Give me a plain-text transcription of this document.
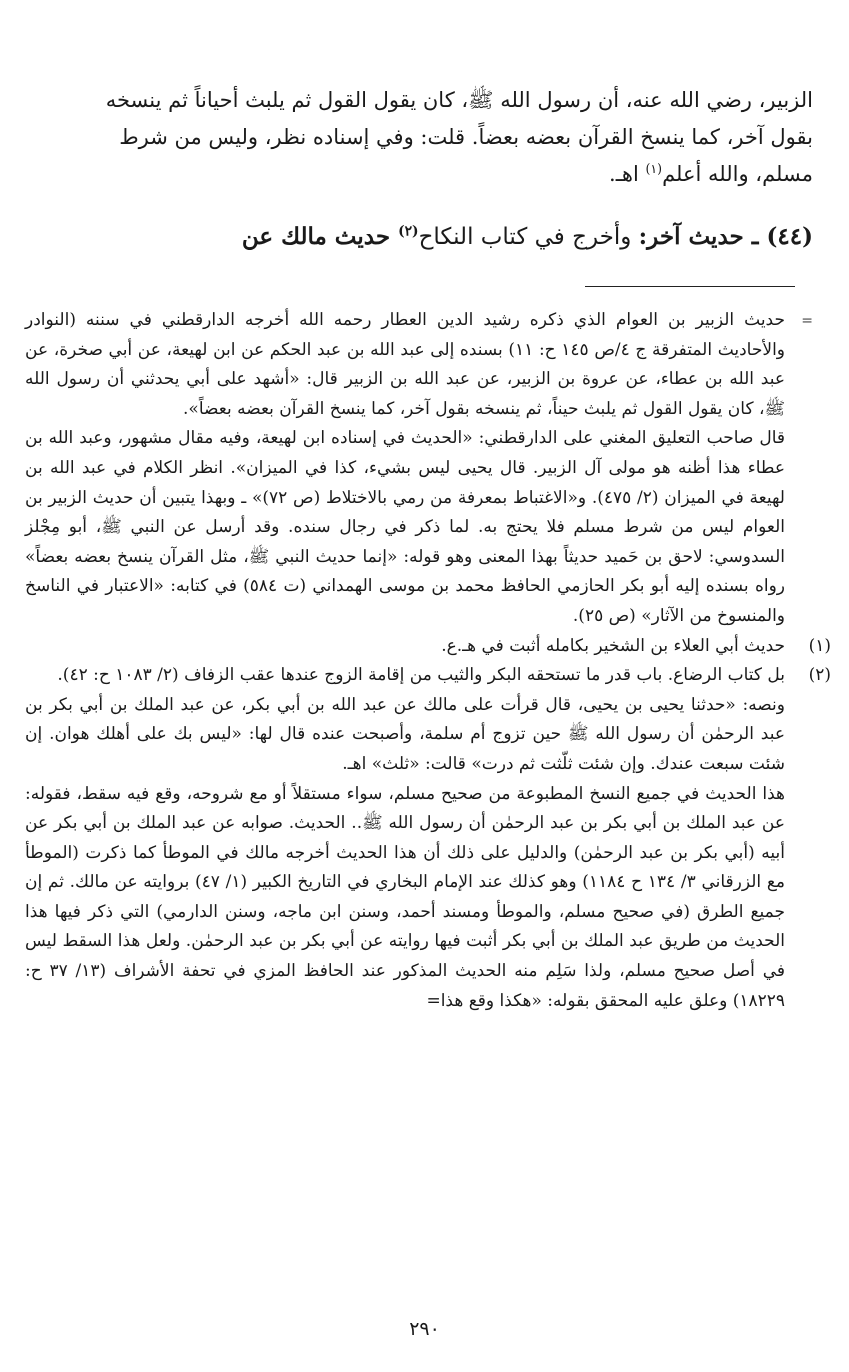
الزبير، رضي الله عنه، أن رسول الله ﷺ، كان يقول القول ثم يلبث أحياناً ثم ينسخه

بقول آخر، كما ينسخ القرآن بعضه بعضاً. قلت: وفي إسناده نظر، وليس من شرط

مسلم، والله أعلم$^{(١)}$ اهـ.

(٤٤) ـ حديث آخر: وأخرج في كتاب النكاح$^{(٢)}$ حديث مالك عن
=

حديث الزبير بن العوام الذي ذكره رشيد الدين العطار رحمه الله أخرجه الدارقطني في سننه (النوادر والأحاديث المتفرقة ج ٤/ص ١٤٥ ح: ١١) بسنده إلى عبد الله بن عبد الحكم عن ابن لهيعة، عن أبي صخرة، عن عبد الله بن عطاء، عن عروة بن الزبير، عن عبد الله بن الزبير قال: «أشهد على أبي يحدثني أن رسول الله ﷺ، كان يقول القول ثم يلبث حيناً، ثم ينسخه بقول آخر، كما ينسخ القرآن بعضه بعضاً».

قال صاحب التعليق المغني على الدارقطني: «الحديث في إسناده ابن لهيعة، وفيه مقال مشهور، وعبد الله بن عطاء هذا أظنه هو مولى آل الزبير. قال يحيى ليس بشيء، كذا في الميزان». انظر الكلام في عبد الله بن لهيعة في الميزان (٢/ ٤٧٥). و«الاغتباط بمعرفة من رمي بالاختلاط (ص ٧٢)» ـ وبهذا يتبين أن حديث الزبير بن العوام ليس من شرط مسلم فلا يحتج به. لما ذكر في رجال سنده. وقد أرسل عن النبي ﷺ، أبو مِجْلز السدوسي: لاحق بن حَميد حديثاً بهذا المعنى وهو قوله: «إنما حديث النبي ﷺ، مثل القرآن ينسخ بعضه بعضاً» رواه بسنده إليه أبو بكر الحازمي الحافظ محمد بن موسى الهمداني (ت ٥٨٤) في كتابه: «الاعتبار في الناسخ والمنسوخ من الآثار» (ص ٢٥).

(١)
حديث أبي العلاء بن الشخير بكامله أثبت في هـ.ع.

(٢)
بل كتاب الرضاع. باب قدر ما تستحقه البكر والثيب من إقامة الزوج عندها عقب الزفاف (٢/ ١٠٨٣ ح: ٤٢).

ونصه: «حدثنا يحيى بن يحيى، قال قرأت على مالك عن عبد الله بن أبي بكر، عن عبد الملك بن أبي بكر بن عبد الرحمٰن أن رسول الله ﷺ حين تزوج أم سلمة، وأصبحت عنده قال لها: «ليس بك على أهلك هوان. إن شئت سبعت عندك. وإن شئت ثلّثت ثم درت» قالت: «ثلث» اهـ.

هذا الحديث في جميع النسخ المطبوعة من صحيح مسلم، سواء مستقلاً أو مع شروحه، وقع فيه سقط، فقوله: عن عبد الملك بن أبي بكر بن عبد الرحمٰن أن رسول الله ﷺ.. الحديث. صوابه عن عبد الملك بن أبي بكر عن أبيه (أبي بكر بن عبد الرحمٰن) والدليل على ذلك أن هذا الحديث أخرجه مالك في الموطأ كما ذكرت (الموطأ مع الزرقاني ٣/ ١٣٤ ح ١١٨٤) وهو كذلك عند الإمام البخاري في التاريخ الكبير (١/ ٤٧) بروايته عن مالك. ثم إن جميع الطرق (في صحيح مسلم، والموطأ ومسند أحمد، وسنن ابن ماجه، وسنن الدارمي) التي ذكر فيها هذا الحديث من طريق عبد الملك بن أبي بكر أثبت فيها روايته عن أبي بكر بن عبد الرحمٰن. ولعل هذا السقط ليس في أصل صحيح مسلم، ولذا سَلِم منه الحديث المذكور عند الحافظ المزي في تحفة الأشراف (١٣/ ٣٧ ح: ١٨٢٢٩) وعلق عليه المحقق بقوله: «هكذا وقع هذا=

٢٩٠
